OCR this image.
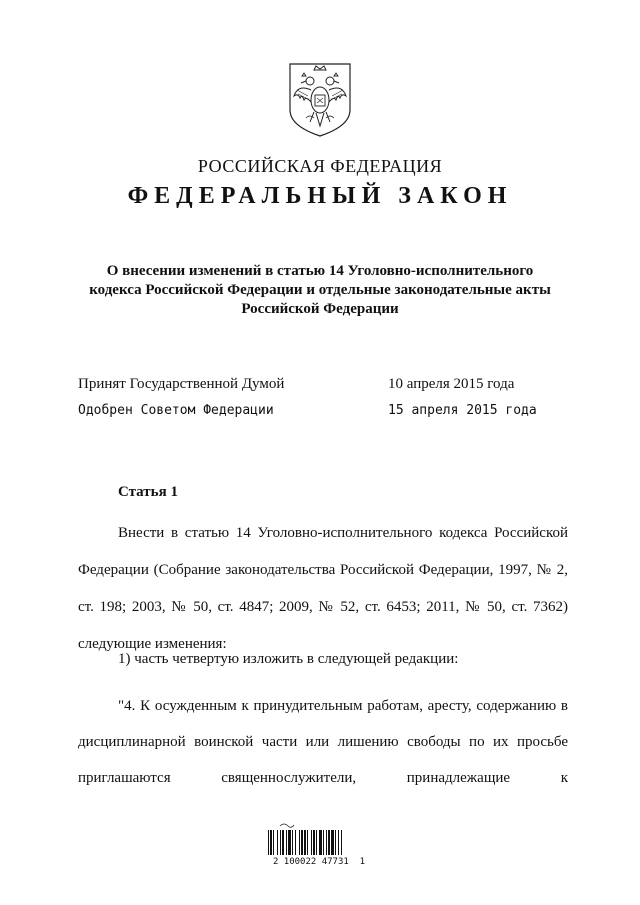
РОССИЙСКАЯ ФЕДЕРАЦИЯ
ФЕДЕРАЛЬНЫЙ ЗАКОН
О внесении изменений в статью 14 Уголовно-исполнительного
кодекса Российской Федерации и отдельные законодательные акты
Российской Федерации
Принят Государственной Думой	10 апреля 2015 года
Одобрен Советом Федерации	15 апреля 2015 года
Статья 1
Внести в статью 14 Уголовно-исполнительного кодекса Российской Федерации (Собрание законодательства Российской Федерации, 1997, № 2, ст. 198; 2003, № 50, ст. 4847; 2009, № 52, ст. 6453; 2011, № 50, ст. 7362) следующие изменения:
1) часть четвертую изложить в следующей редакции:
"4. К осужденным к принудительным работам, аресту, содержанию в дисциплинарной воинской части или лишению свободы по их просьбе приглашаются священнослужители, принадлежащие к
2 100022 47731  1
